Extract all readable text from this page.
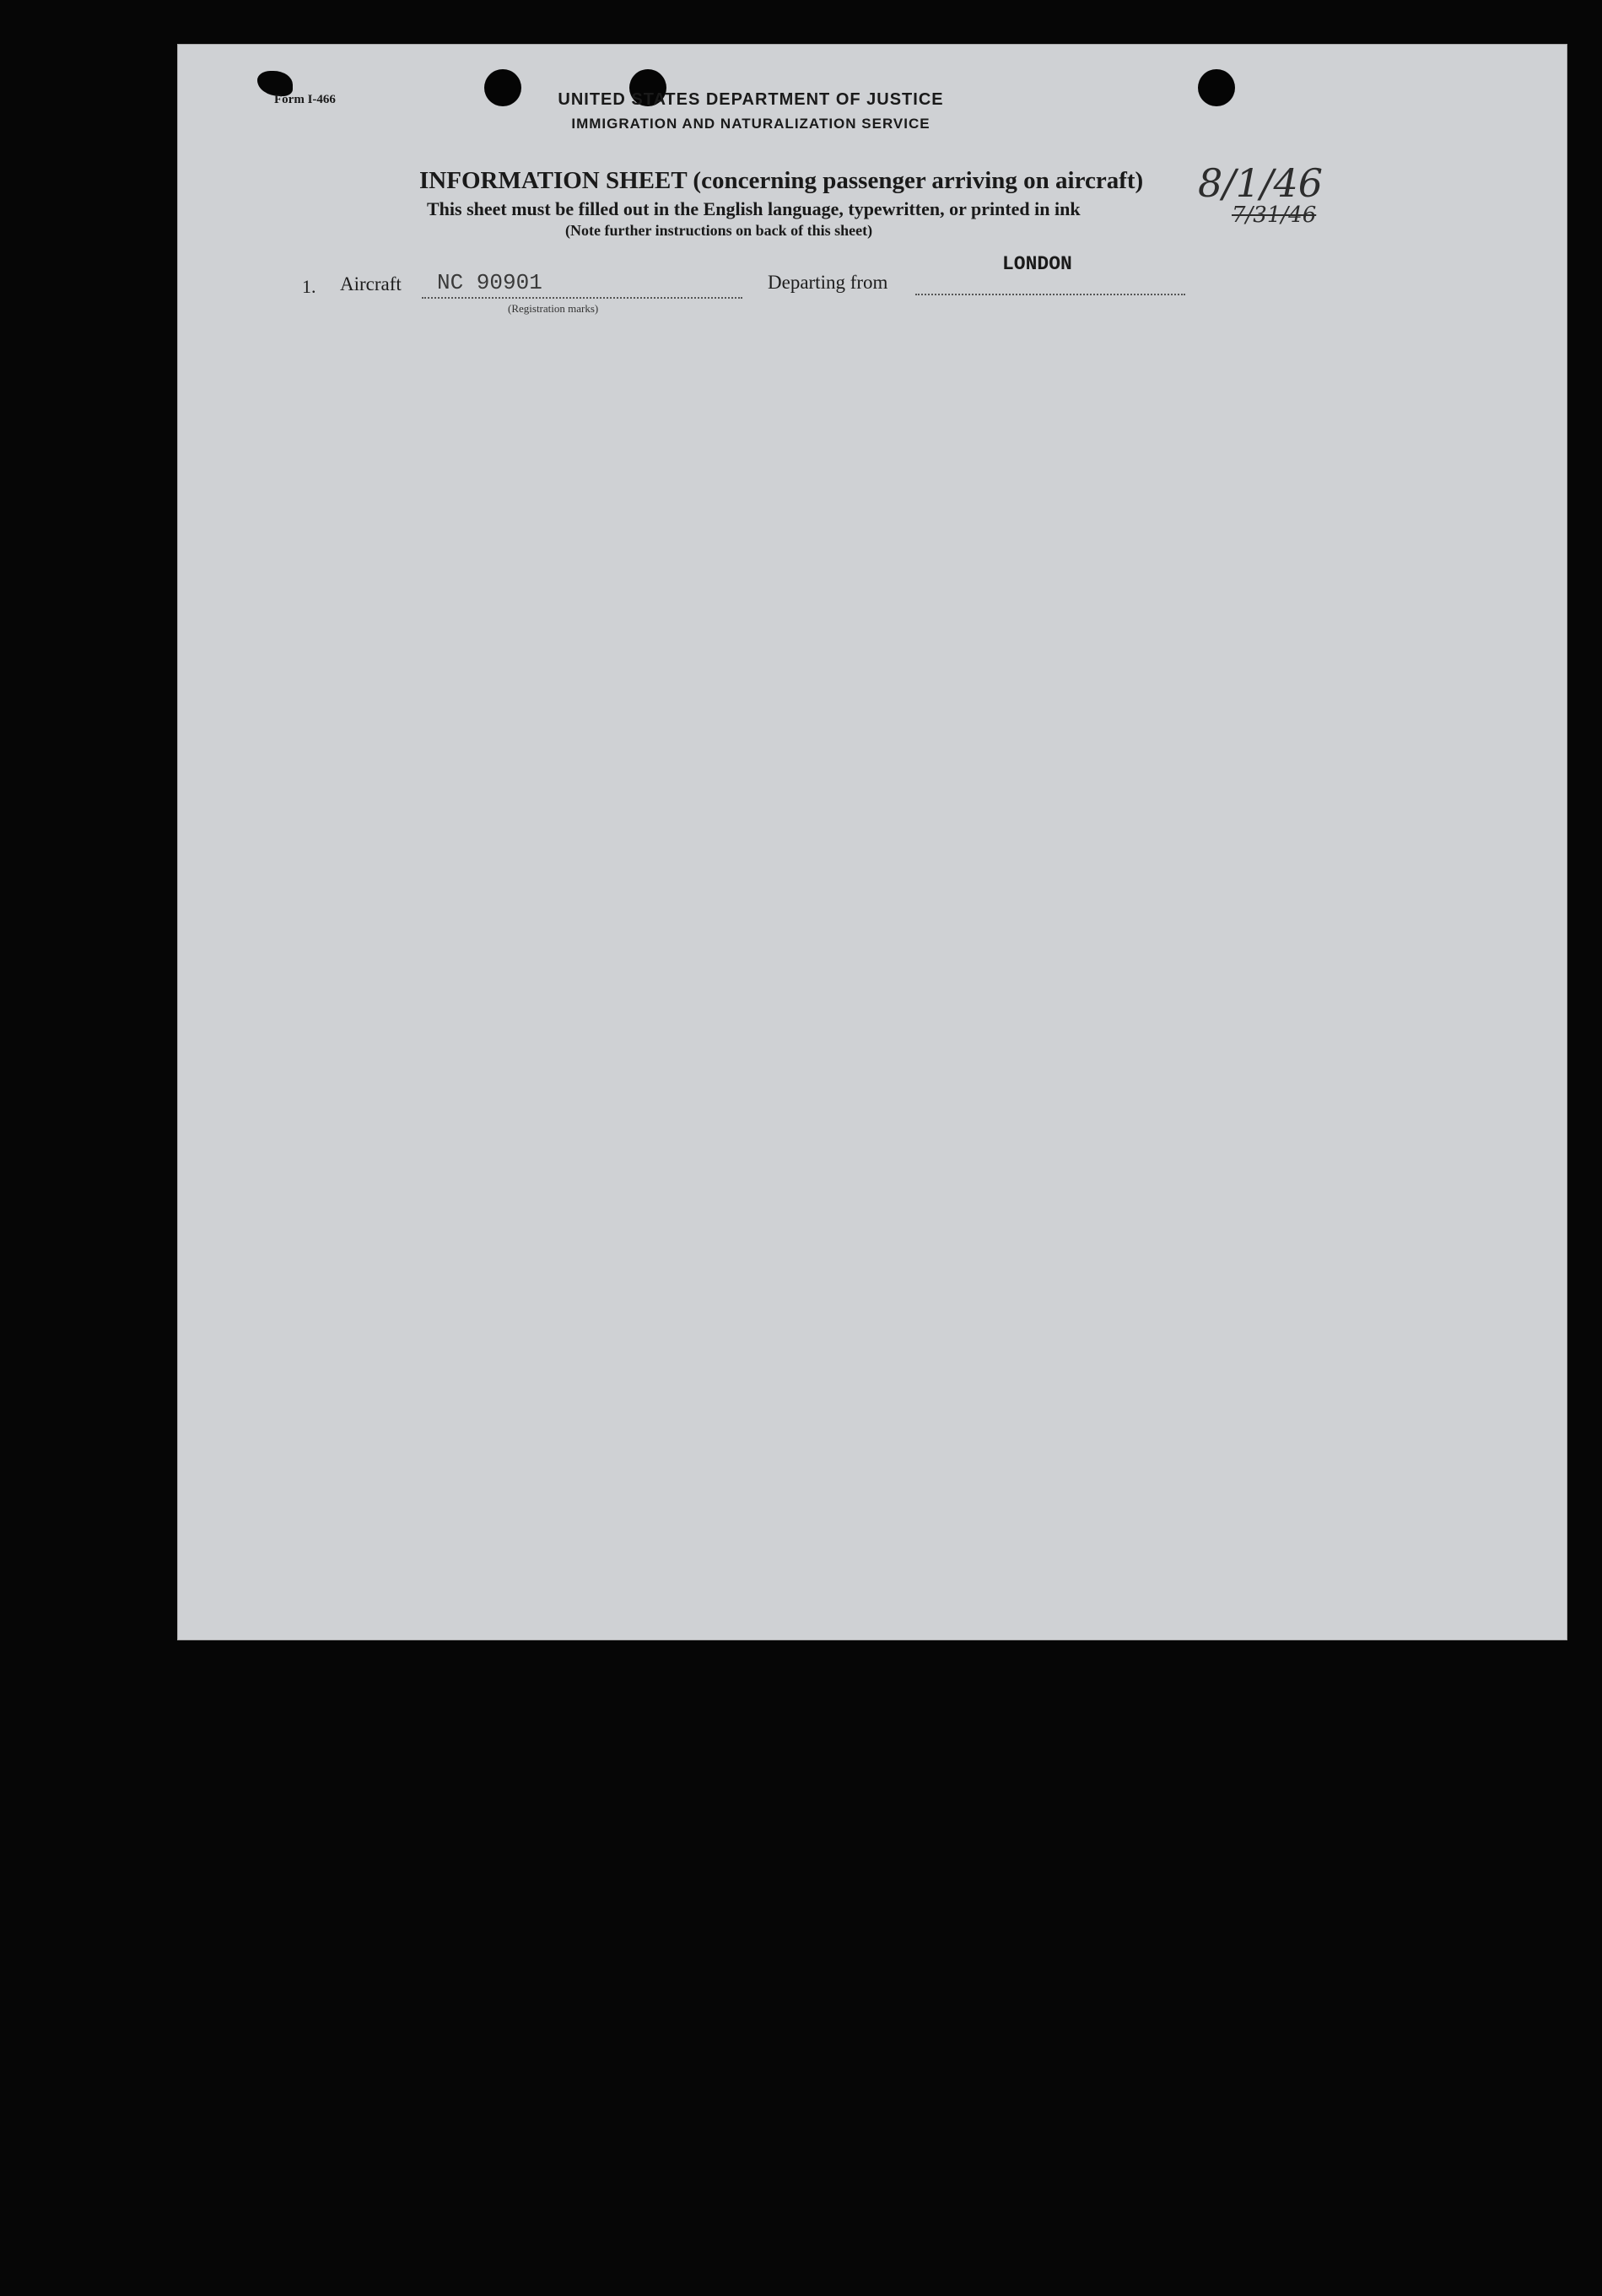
Form I-466	UNITED STATES DEPARTMENT OF JUSTICE
IMMIGRATION AND NATURALIZATION SERVICE
INFORMATION SHEET (concerning passenger arriving on aircraft)
This sheet must be filled out in the English language, typewritten, or printed in ink
(Note further instructions on back of this sheet)
8/1/46
7/31/46
1. Aircraft NC 90901
(Registration marks)
Departing from
LONDON
